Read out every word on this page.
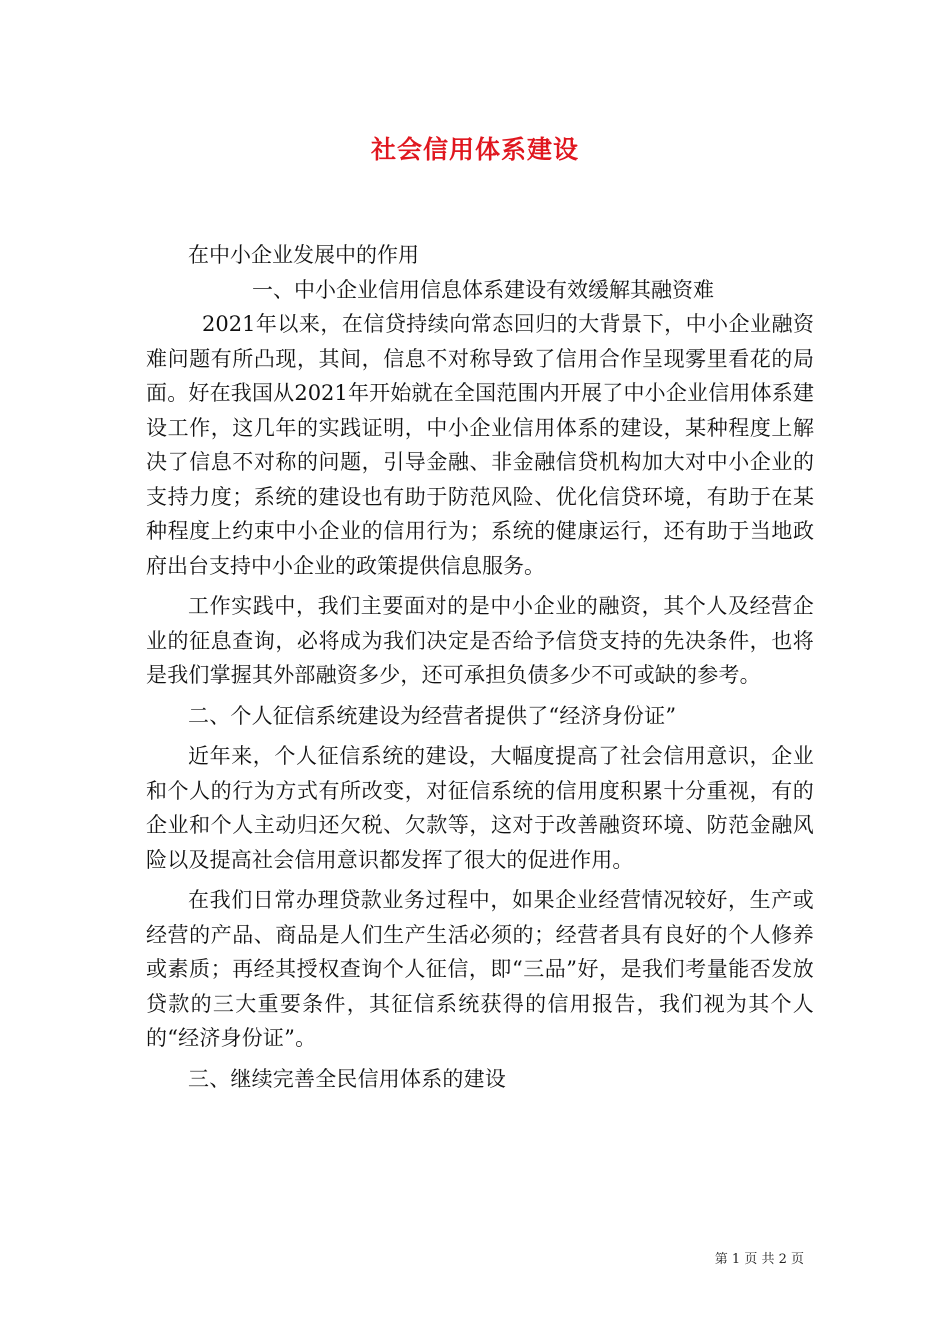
社会信用体系建设

在中小企业发展中的作用

一、中小企业信用信息体系建设有效缓解其融资难

2021年以来，在信贷持续向常态回归的大背景下，中小企业融资难问题有所凸现，其间，信息不对称导致了信用合作呈现雾里看花的局面。好在我国从2021年开始就在全国范围内开展了中小企业信用体系建设工作，这几年的实践证明，中小企业信用体系的建设，某种程度上解决了信息不对称的问题，引导金融、非金融信贷机构加大对中小企业的支持力度；系统的建设也有助于防范风险、优化信贷环境，有助于在某种程度上约束中小企业的信用行为；系统的健康运行，还有助于当地政府出台支持中小企业的政策提供信息服务。

工作实践中，我们主要面对的是中小企业的融资，其个人及经营企业的征息查询，必将成为我们决定是否给予信贷支持的先决条件，也将是我们掌握其外部融资多少，还可承担负债多少不可或缺的参考。

二、个人征信系统建设为经营者提供了“经济身份证”

近年来，个人征信系统的建设，大幅度提高了社会信用意识，企业和个人的行为方式有所改变，对征信系统的信用度积累十分重视，有的企业和个人主动归还欠税、欠款等，这对于改善融资环境、防范金融风险以及提高社会信用意识都发挥了很大的促进作用。

在我们日常办理贷款业务过程中，如果企业经营情况较好，生产或经营的产品、商品是人们生产生活必须的；经营者具有良好的个人修养或素质；再经其授权查询个人征信，即“三品”好，是我们考量能否发放贷款的三大重要条件，其征信系统获得的信用报告，我们视为其个人的“经济身份证”。

三、继续完善全民信用体系的建设

第 1 页 共 2 页
